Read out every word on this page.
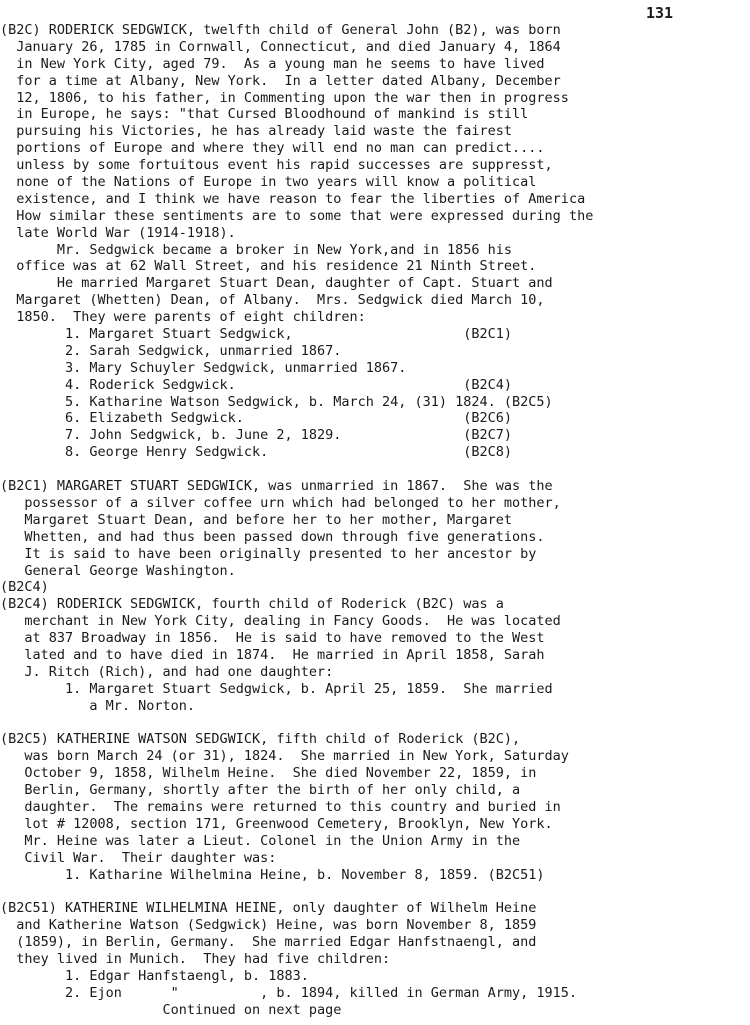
131
(B2C) RODERICK SEDGWICK, twelfth child of General John (B2), was born
January 26, 1785 in Cornwall, Connecticut, and died January 4, 1864
in New York City, aged 79.  As a young man he seems to have lived
for a time at Albany, New York.  In a letter dated Albany, December
12, 1806, to his father, in Commenting upon the war then in progress
in Europe, he says: "that Cursed Bloodhound of mankind is still
pursuing his Victories, he has already laid waste the fairest
portions of Europe and where they will end no man can predict....
unless by some fortuitous event his rapid successes are suppresst,
none of the Nations of Europe in two years will know a political
existence, and I think we have reason to fear the liberties of America
How similar these sentiments are to some that were expressed during the
late World War (1914-1918).
Mr. Sedgwick became a broker in New York,and in 1856 his
office was at 62 Wall Street, and his residence 21 Ninth Street.
He married Margaret Stuart Dean, daughter of Capt. Stuart and
Margaret (Whetten) Dean, of Albany.  Mrs. Sedgwick died March 10,
1850.  They were parents of eight children:
1. Margaret Stuart Sedgwick,                     (B2C1)
2. Sarah Sedgwick, unmarried 1867.
3. Mary Schuyler Sedgwick, unmarried 1867.
4. Roderick Sedgwick.                            (B2C4)
5. Katharine Watson Sedgwick, b. March 24, (31) 1824. (B2C5)
6. Elizabeth Sedgwick.                           (B2C6)
7. John Sedgwick, b. June 2, 1829.               (B2C7)
8. George Henry Sedgwick.                        (B2C8)
(B2C1) MARGARET STUART SEDGWICK, was unmarried in 1867.  She was the
possessor of a silver coffee urn which had belonged to her mother,
Margaret Stuart Dean, and before her to her mother, Margaret
Whetten, and had thus been passed down through five generations.
It is said to have been originally presented to her ancestor by
General George Washington.
(B2C4)
(B2C4) RODERICK SEDGWICK, fourth child of Roderick (B2C) was a
merchant in New York City, dealing in Fancy Goods.  He was located
at 837 Broadway in 1856.  He is said to have removed to the West
lated and to have died in 1874.  He married in April 1858, Sarah
J. Ritch (Rich), and had one daughter:
1. Margaret Stuart Sedgwick, b. April 25, 1859.  She married
a Mr. Norton.
(B2C5) KATHERINE WATSON SEDGWICK, fifth child of Roderick (B2C),
was born March 24 (or 31), 1824.  She married in New York, Saturday
October 9, 1858, Wilhelm Heine.  She died November 22, 1859, in
Berlin, Germany, shortly after the birth of her only child, a
daughter.  The remains were returned to this country and buried in
lot # 12008, section 171, Greenwood Cemetery, Brooklyn, New York.
Mr. Heine was later a Lieut. Colonel in the Union Army in the
Civil War.  Their daughter was:
1. Katharine Wilhelmina Heine, b. November 8, 1859. (B2C51)
(B2C51) KATHERINE WILHELMINA HEINE, only daughter of Wilhelm Heine
and Katherine Watson (Sedgwick) Heine, was born November 8, 1859
(1859), in Berlin, Germany.  She married Edgar Hanfstnaengl, and
they lived in Munich.  They had five children:
1. Edgar Hanfstaengl, b. 1883.
2. Ejon      "          , b. 1894, killed in German Army, 1915.
Continued on next page
